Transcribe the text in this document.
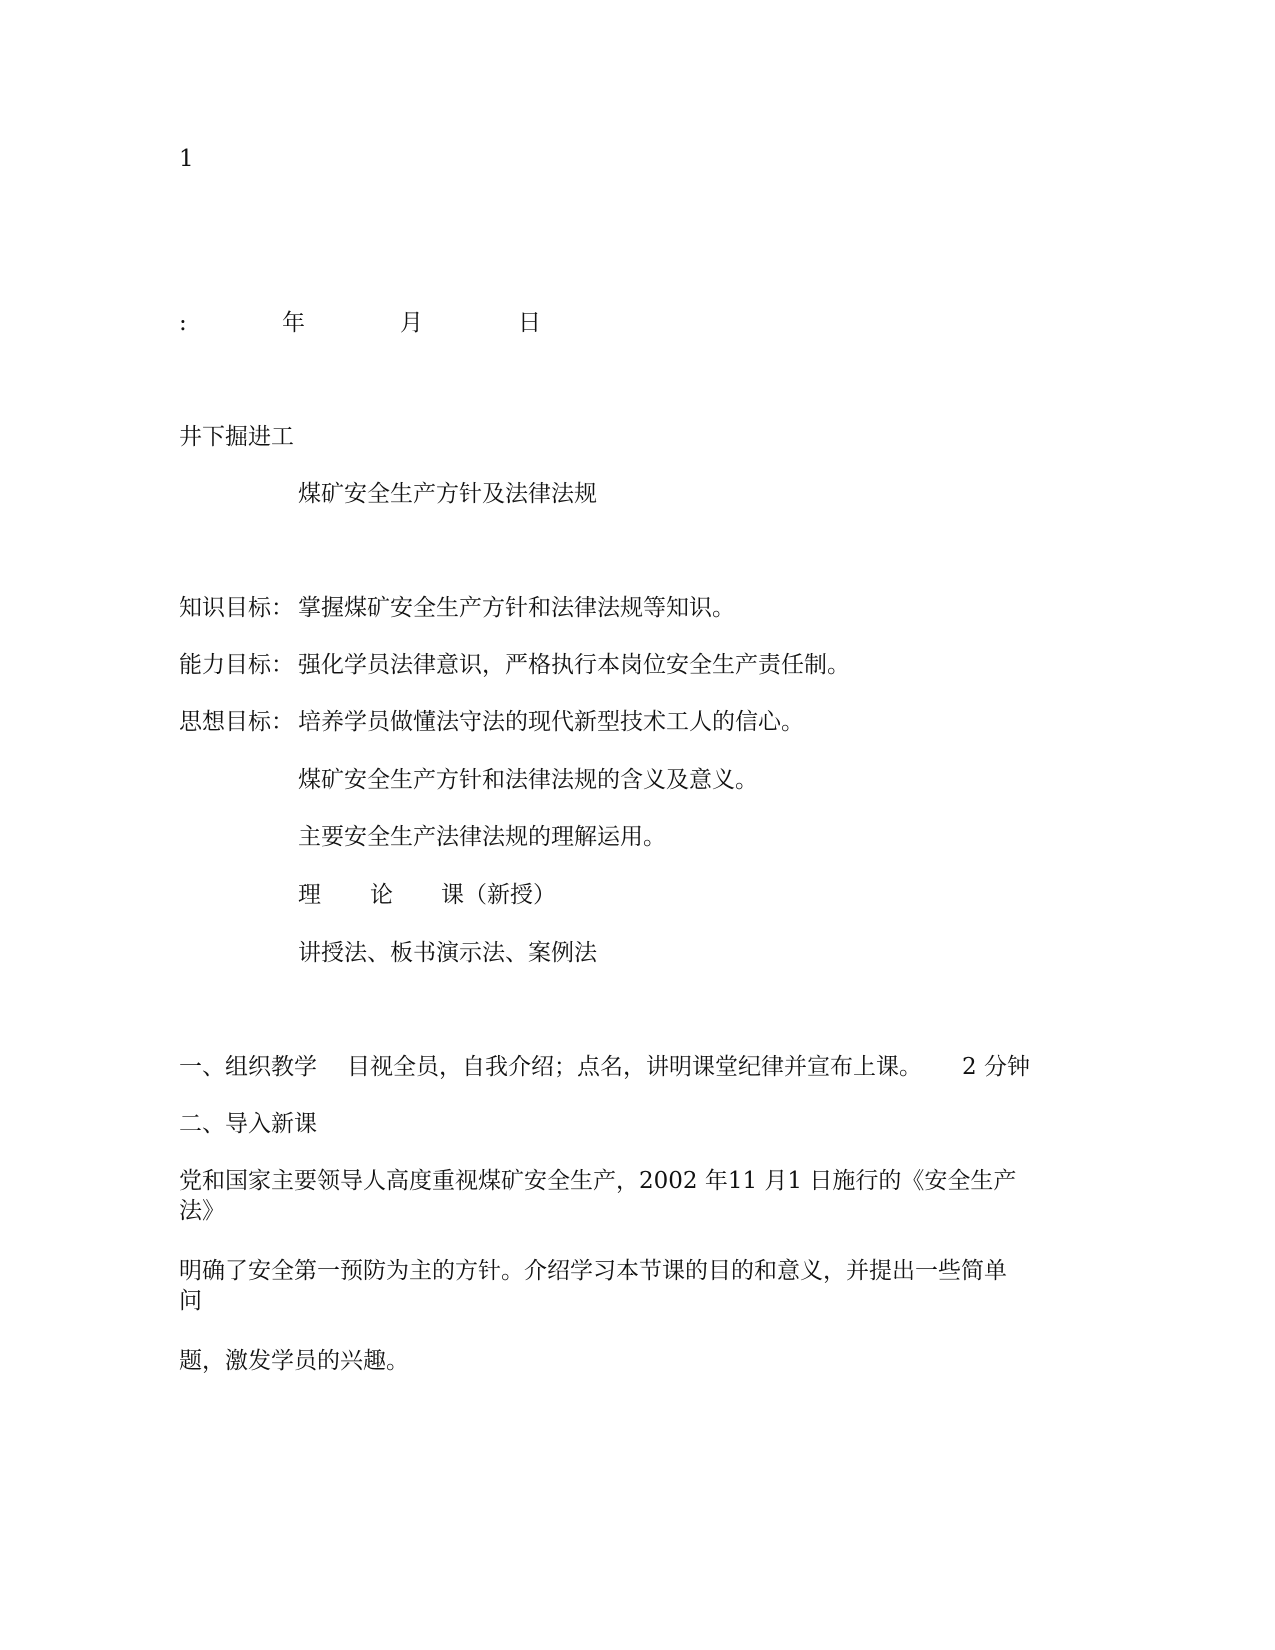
1
:	年	月	日
井下掘进工
煤矿安全生产方针及法律法规
知识目标： 掌握煤矿安全生产方针和法律法规等知识。
能力目标： 强化学员法律意识，严格执行本岗位安全生产责任制。
思想目标： 培养学员做懂法守法的现代新型技术工人的信心。
煤矿安全生产方针和法律法规的含义及意义。
主要安全生产法律法规的理解运用。
理 论 课（新授）
讲授法、板书演示法、案例法
一、组织教学 目视全员，自我介绍；点名，讲明课堂纪律并宣布上课。 2 分钟
二、导入新课
党和国家主要领导人高度重视煤矿安全生产，2002 年11 月1 日施行的《安全生产
法》
明确了安全第一预防为主的方针。介绍学习本节课的目的和意义，并提出一些简单
问
题，激发学员的兴趣。
